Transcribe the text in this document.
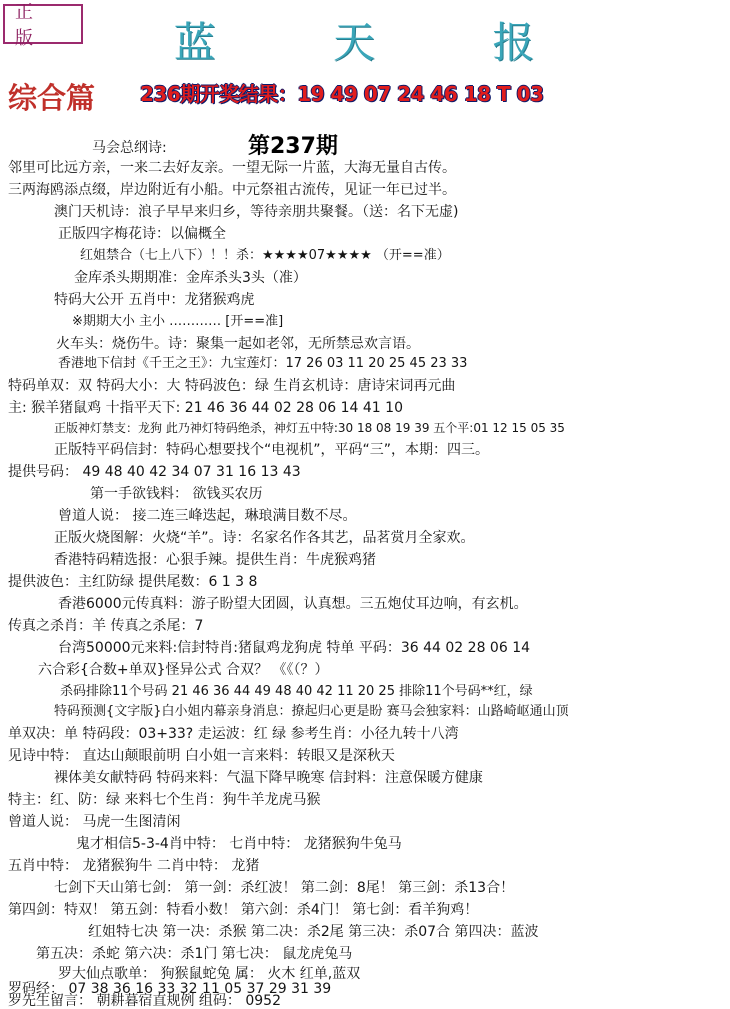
正 版	蓝 天 报
综合篇 236期开奖结果：19 49 07 24 46 18 T 03
第237期
马会总纲诗:
邻里可比远方亲，一来二去好友亲。一望无际一片蓝，大海无量自古传。
三两海鸥添点缀，岸边附近有小船。中元祭祖古流传，见证一年已过半。
澳门天机诗：浪子早早来归乡，等待亲朋共聚餐。（送：名下无虚)
正版四字梅花诗：以偏概全
红姐禁合（七上八下）！！杀：★★★★07★★★★ （开==准）
金库杀头期期准：金库杀头3头（准）
特码大公开 五肖中：龙猪猴鸡虎
※期期大小 主小 ………… [开==准]
火车头：烧伤牛。诗：聚集一起如老邻，无所禁忌欢言语。
香港地下信封《千王之王》：九宝莲灯：17 26 03 11 20 25 45 23 33
特码单双：双 特码大小：大 特码波色：绿 生肖玄机诗：唐诗宋词再元曲
主: 猴羊猪鼠鸡 十指平天下: 21 46 36 44 02 28 06 14 41 10
正版神灯禁支：龙狗 此乃神灯特码绝杀，神灯五中特:30 18 08 19 39 五个平:01 12 15 05 35
正版特平码信封：特码心想要找个“电视机”，平码“三”，本期：四三。
提供号码： 49 48 40 42 34 07 31 16 13 43
第一手欲钱料： 欲钱买农历
曾道人说： 接二连三峰迭起，琳琅满目数不尽。
正版火烧图解：火烧“羊”。诗：名家名作各其艺，品茗赏月全家欢。
香港特码精选报：心狠手辣。提供生肖：牛虎猴鸡猪
提供波色：主红防绿 提供尾数：6 1 3 8
香港6000元传真料：游子盼望大团圆，认真想。三五炮仗耳边响，有玄机。
传真之杀肖：羊 传真之杀尾：7
台湾50000元来料:信封特肖:猪鼠鸡龙狗虎 特单 平码：36 44 02 28 06 14
六合彩{合数+单双}怪异公式 合双？ 《《（？）
杀码排除11个号码 21 46 36 44 49 48 40 42 11 20 25 排除11个号码**红，绿
特码预测{文字版}白小姐内幕亲身消息：撩起归心更是盼 赛马会独家料：山路崎岖通山顶
单双决：单 特码段：03+33? 走运波：红 绿 参考生肖：小径九转十八湾
见诗中特： 直达山颠眼前明 白小姐一言来料：转眼又是深秋天
裸体美女献特码 特码来料：气温下降早晚寒 信封料：注意保暖方健康
特主：红、防：绿 来料七个生肖：狗牛羊龙虎马猴
曾道人说： 马虎一生图清闲
鬼才相信5-3-4肖中特： 七肖中特： 龙猪猴狗牛兔马
五肖中特： 龙猪猴狗牛 二肖中特： 龙猪
七剑下天山第七剑： 第一剑：杀红波！ 第二剑：8尾！ 第三剑：杀13合！
第四剑：特双！ 第五剑：特看小数！ 第六剑：杀4门！ 第七剑：看羊狗鸡！
红姐特七决 第一决：杀猴 第二决：杀2尾 第三决：杀07合 第四决：蓝波
第五决：杀蛇 第六决：杀1门 第七决： 鼠龙虎兔马
罗大仙点歌单： 狗猴鼠蛇兔 属： 火木 红单,蓝双
罗码经： 07 38 36 16 33 32 11 05 37 29 31 39
罗先生留言： 朝耕暮宿直规例 组码： 0952
